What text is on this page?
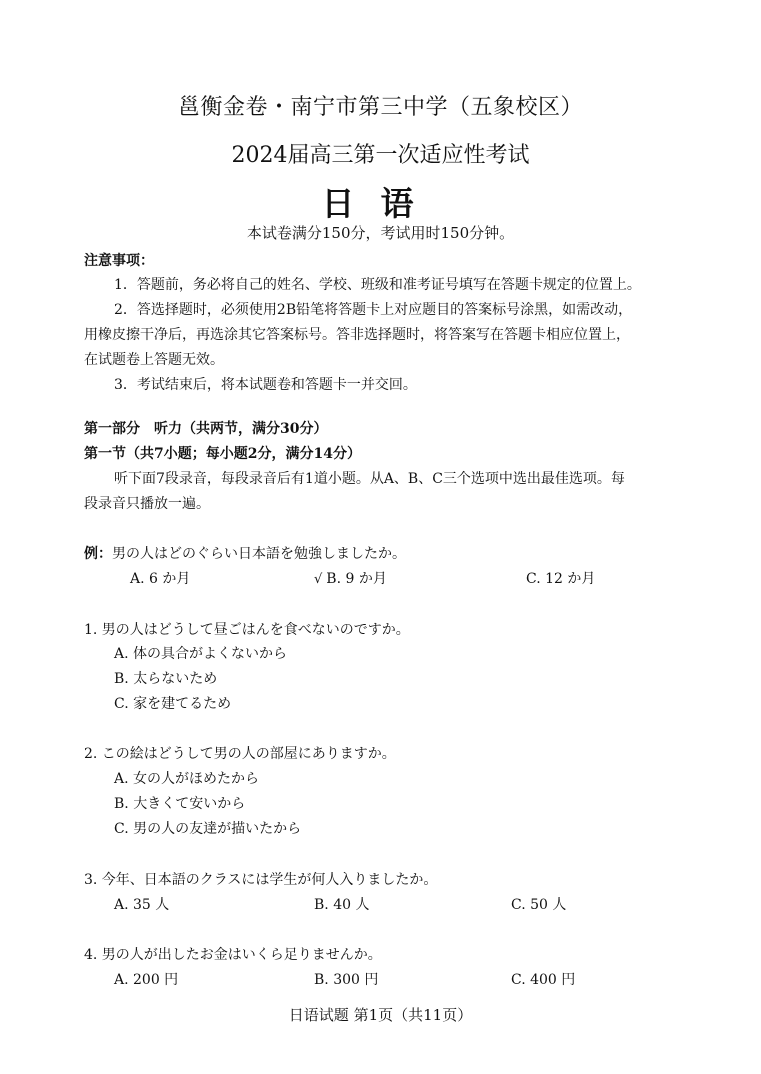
邕衡金卷・南宁市第三中学（五象校区）
2024届高三第一次适应性考试
日语
本试卷满分150分，考试用时150分钟。
注意事项：
1．答题前，务必将自己的姓名、学校、班级和准考证号填写在答题卡规定的位置上。
2．答选择题时，必须使用2B铅笔将答题卡上对应题目的答案标号涂黑，如需改动，
用橡皮擦干净后，再选涂其它答案标号。答非选择题时，将答案写在答题卡相应位置上，
在试题卷上答题无效。
3．考试结束后，将本试题卷和答题卡一并交回。
第一部分　听力（共两节，满分30分）
第一节（共7小题；每小题2分，满分14分）
听下面7段录音，每段录音后有1道小题。从A、B、C三个选项中选出最佳选项。每
段录音只播放一遍。
例：男の人はどのぐらい日本語を勉強しましたか。
A. 6 か月	√ B. 9 か月	C. 12 か月
1. 男の人はどうして昼ごはんを食べないのですか。
A. 体の具合がよくないから
B. 太らないため
C. 家を建てるため
2. この絵はどうして男の人の部屋にありますか。
A. 女の人がほめたから
B. 大きくて安いから
C. 男の人の友達が描いたから
3. 今年、日本語のクラスには学生が何人入りましたか。
A. 35 人	B. 40 人	C. 50 人
4. 男の人が出したお金はいくら足りませんか。
A. 200 円	B. 300 円	C. 400 円
日语试题 第1页（共11页）
